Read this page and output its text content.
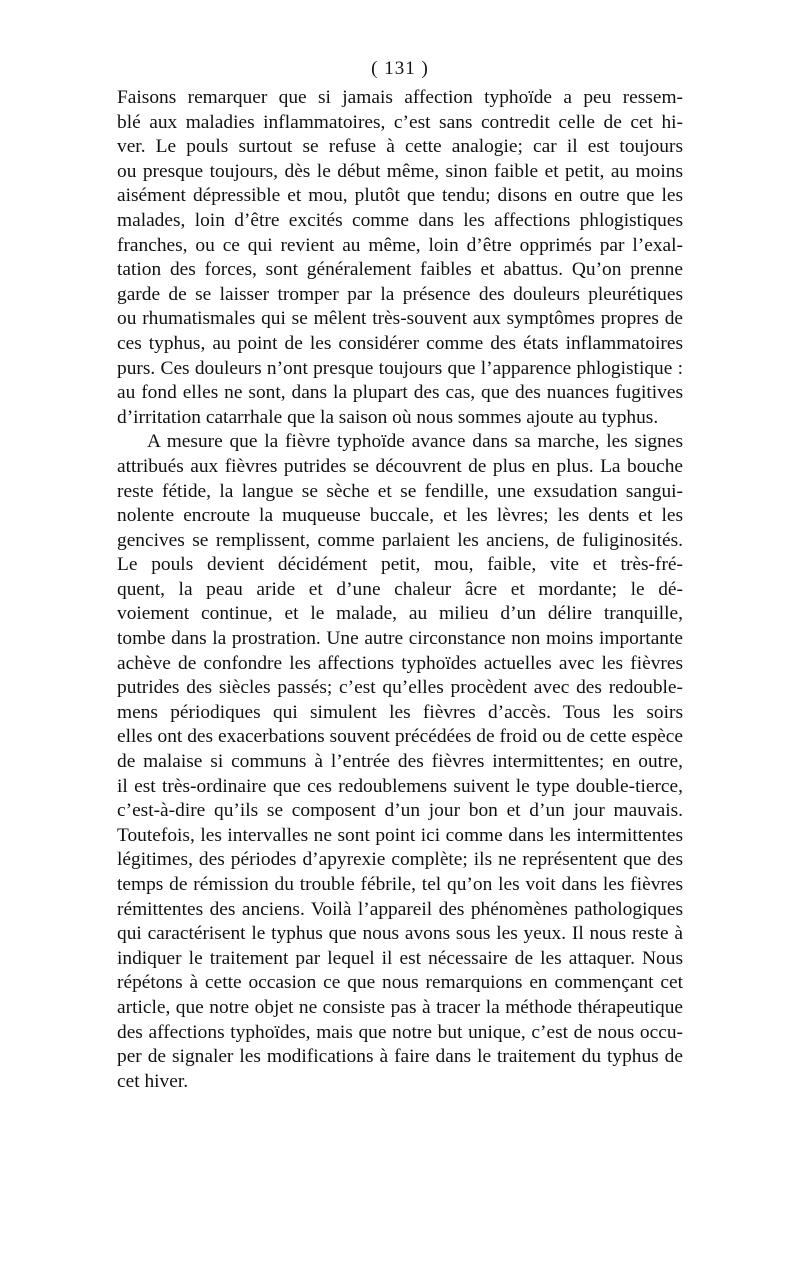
( 131 )

Faisons remarquer que si jamais affection typhoïde a peu ressem-
blé aux maladies inflammatoires, c’est sans contredit celle de cet hi-
ver. Le pouls surtout se refuse à cette analogie; car il est toujours
ou presque toujours, dès le début même, sinon faible et petit, au moins
aisément dépressible et mou, plutôt que tendu; disons en outre que les
malades, loin d’être excités comme dans les affections phlogistiques
franches, ou ce qui revient au même, loin d’être opprimés par l’exal-
tation des forces, sont généralement faibles et abattus. Qu’on prenne
garde de se laisser tromper par la présence des douleurs pleurétiques
ou rhumatismales qui se mêlent très-souvent aux symptômes propres de
ces typhus, au point de les considérer comme des états inflammatoires
purs. Ces douleurs n’ont presque toujours que l’apparence phlogistique :
au fond elles ne sont, dans la plupart des cas, que des nuances fugitives
d’irritation catarrhale que la saison où nous sommes ajoute au typhus.

A mesure que la fièvre typhoïde avance dans sa marche, les signes
attribués aux fièvres putrides se découvrent de plus en plus. La bouche
reste fétide, la langue se sèche et se fendille, une exsudation sangui-
nolente encroute la muqueuse buccale, et les lèvres; les dents et les
gencives se remplissent, comme parlaient les anciens, de fuliginosités.
Le pouls devient décidément petit, mou, faible, vite et très-fré-
quent, la peau aride et d’une chaleur âcre et mordante; le dé-
voiement continue, et le malade, au milieu d’un délire tranquille,
tombe dans la prostration. Une autre circonstance non moins importante
achève de confondre les affections typhoïdes actuelles avec les fièvres
putrides des siècles passés; c’est qu’elles procèdent avec des redouble-
mens périodiques qui simulent les fièvres d’accès. Tous les soirs
elles ont des exacerbations souvent précédées de froid ou de cette espèce
de malaise si communs à l’entrée des fièvres intermittentes; en outre,
il est très-ordinaire que ces redoublemens suivent le type double-tierce,
c’est-à-dire qu’ils se composent d’un jour bon et d’un jour mauvais.
Toutefois, les intervalles ne sont point ici comme dans les intermittentes
légitimes, des périodes d’apyrexie complète; ils ne représentent que des
temps de rémission du trouble fébrile, tel qu’on les voit dans les fièvres
rémittentes des anciens. Voilà l’appareil des phénomènes pathologiques
qui caractérisent le typhus que nous avons sous les yeux. Il nous reste à
indiquer le traitement par lequel il est nécessaire de les attaquer. Nous
répétons à cette occasion ce que nous remarquions en commençant cet
article, que notre objet ne consiste pas à tracer la méthode thérapeutique
des affections typhoïdes, mais que notre but unique, c’est de nous occu-
per de signaler les modifications à faire dans le traitement du typhus de
cet hiver.
